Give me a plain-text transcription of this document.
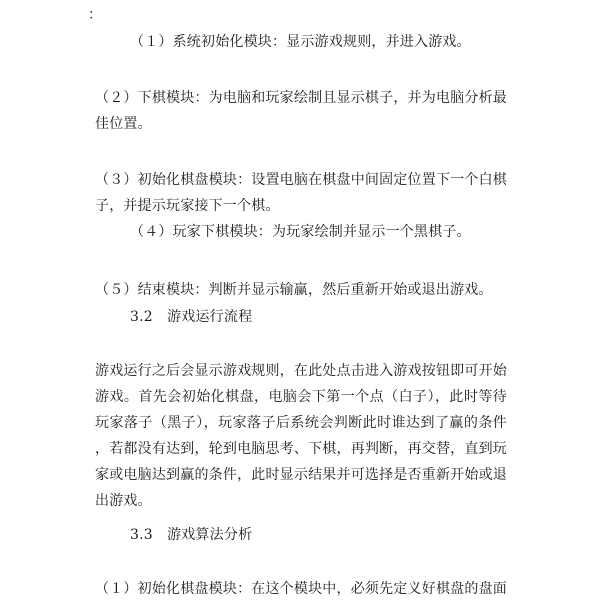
：
（１）系统初始化模块：显示游戏规则，并进入游戏。
（２）下棋模块：为电脑和玩家绘制且显示棋子，并为电脑分析最
佳位置。
（３）初始化棋盘模块：设置电脑在棋盘中间固定位置下一个白棋
子，并提示玩家接下一个棋。
（４）玩家下棋模块：为玩家绘制并显示一个黑棋子。
（５）结束模块：判断并显示输赢，然后重新开始或退出游戏。
3.2　游戏运行流程
游戏运行之后会显示游戏规则，在此处点击进入游戏按钮即可开始
游戏。首先会初始化棋盘，电脑会下第一个点（白子），此时等待
玩家落子（黑子），玩家落子后系统会判断此时谁达到了赢的条件
，若都没有达到，轮到电脑思考、下棋，再判断，再交替，直到玩
家或电脑达到赢的条件，此时显示结果并可选择是否重新开始或退
出游戏。
3.3　游戏算法分析
（１）初始化棋盘模块：在这个模块中，必须先定义好棋盘的盘面
